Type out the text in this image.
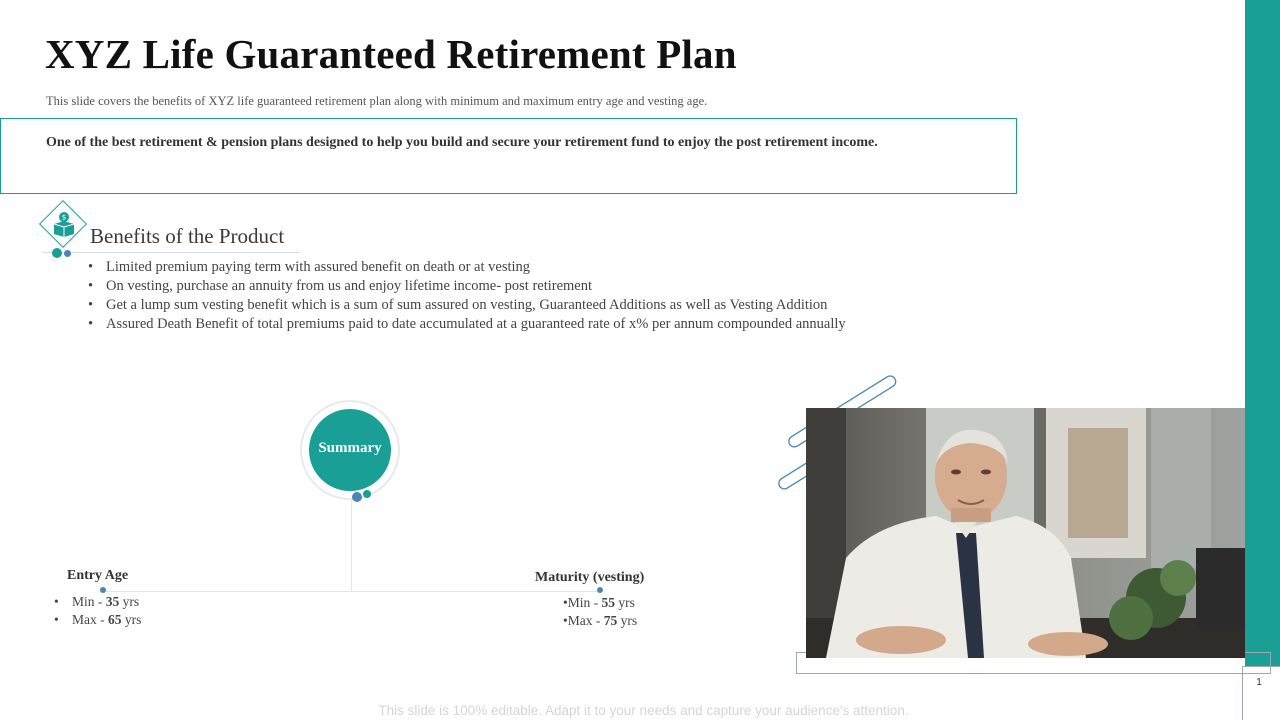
1
XYZ Life Guaranteed Retirement Plan
This slide covers the benefits of XYZ life guaranteed retirement plan along with minimum and maximum entry age and vesting age.
One of the best retirement & pension plans designed to help you build and secure your retirement fund to enjoy the post retirement income.
$
Benefits of the Product
• Limited premium paying term with assured benefit on death or at vesting
• On vesting, purchase an annuity from us and enjoy lifetime income- post retirement
• Get a lump sum vesting benefit which is a sum of sum assured on vesting, Guaranteed Additions as well as Vesting Addition
• Assured Death Benefit of total premiums paid to date accumulated at a guaranteed rate of x% per annum compounded annually
Summary
Entry Age
• Min - 35 yrs
• Max - 65 yrs
Maturity (vesting)
•Min - 55 yrs
•Max - 75 yrs
This slide is 100% editable. Adapt it to your needs and capture your audience's attention.
